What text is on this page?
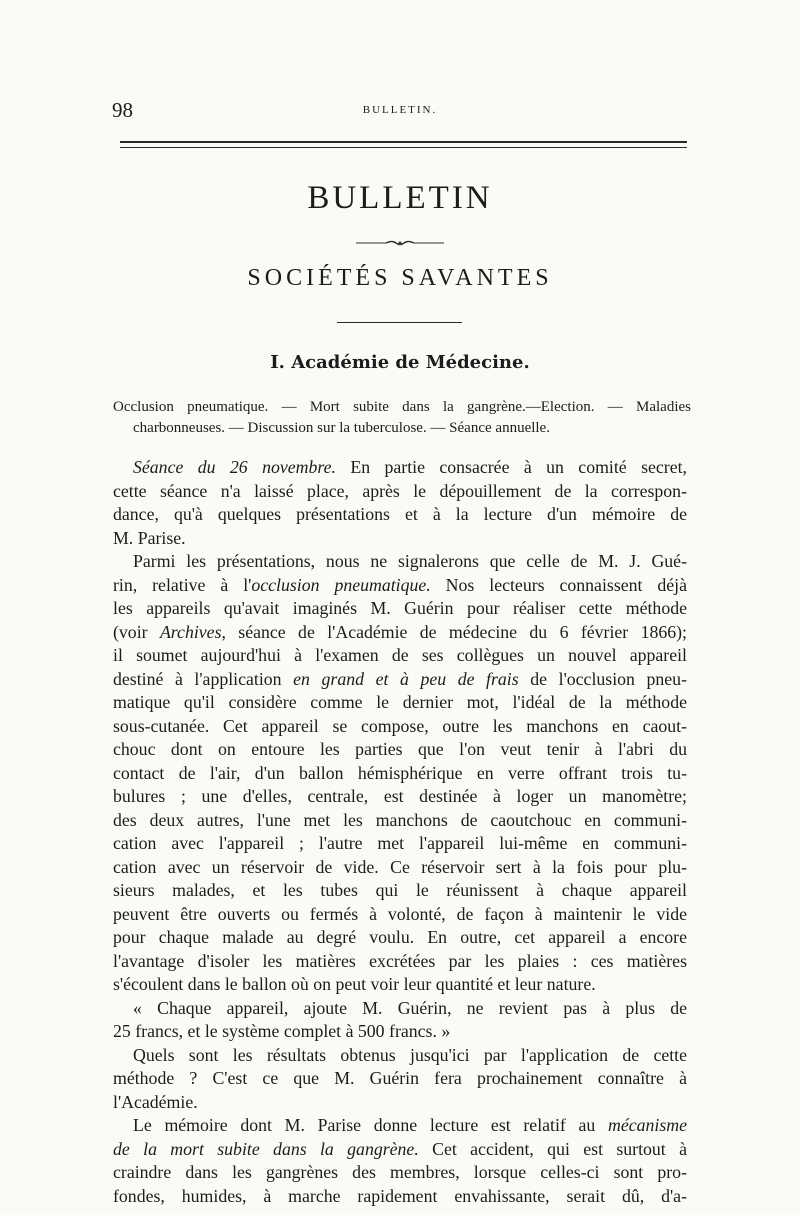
98	BULLETIN.
BULLETIN
SOCIÉTÉS SAVANTES
I. Académie de Médecine.
Occlusion pneumatique. — Mort subite dans la gangrène.—Election. — Maladies
charbonneuses. — Discussion sur la tuberculose. — Séance annuelle.
Séance du 26 novembre. En partie consacrée à un comité secret,
cette séance n'a laissé place, après le dépouillement de la correspon-
dance, qu'à quelques présentations et à la lecture d'un mémoire de
M. Parise.
Parmi les présentations, nous ne signalerons que celle de M. J. Gué-
rin, relative à l'occlusion pneumatique. Nos lecteurs connaissent déjà
les appareils qu'avait imaginés M. Guérin pour réaliser cette méthode
(voir Archives, séance de l'Académie de médecine du 6 février 1866);
il soumet aujourd'hui à l'examen de ses collègues un nouvel appareil
destiné à l'application en grand et à peu de frais de l'occlusion pneu-
matique qu'il considère comme le dernier mot, l'idéal de la méthode
sous-cutanée. Cet appareil se compose, outre les manchons en caout-
chouc dont on entoure les parties que l'on veut tenir à l'abri du
contact de l'air, d'un ballon hémisphérique en verre offrant trois tu-
bulures ; une d'elles, centrale, est destinée à loger un manomètre;
des deux autres, l'une met les manchons de caoutchouc en communi-
cation avec l'appareil ; l'autre met l'appareil lui-même en communi-
cation avec un réservoir de vide. Ce réservoir sert à la fois pour plu-
sieurs malades, et les tubes qui le réunissent à chaque appareil
peuvent être ouverts ou fermés à volonté, de façon à maintenir le vide
pour chaque malade au degré voulu. En outre, cet appareil a encore
l'avantage d'isoler les matières excrétées par les plaies : ces matières
s'écoulent dans le ballon où on peut voir leur quantité et leur nature.
« Chaque appareil, ajoute M. Guérin, ne revient pas à plus de
25 francs, et le système complet à 500 francs. »
Quels sont les résultats obtenus jusqu'ici par l'application de cette
méthode ? C'est ce que M. Guérin fera prochainement connaître à
l'Académie.
Le mémoire dont M. Parise donne lecture est relatif au mécanisme
de la mort subite dans la gangrène. Cet accident, qui est surtout à
craindre dans les gangrènes des membres, lorsque celles-ci sont pro-
fondes, humides, à marche rapidement envahissante, serait dû, d'a-
